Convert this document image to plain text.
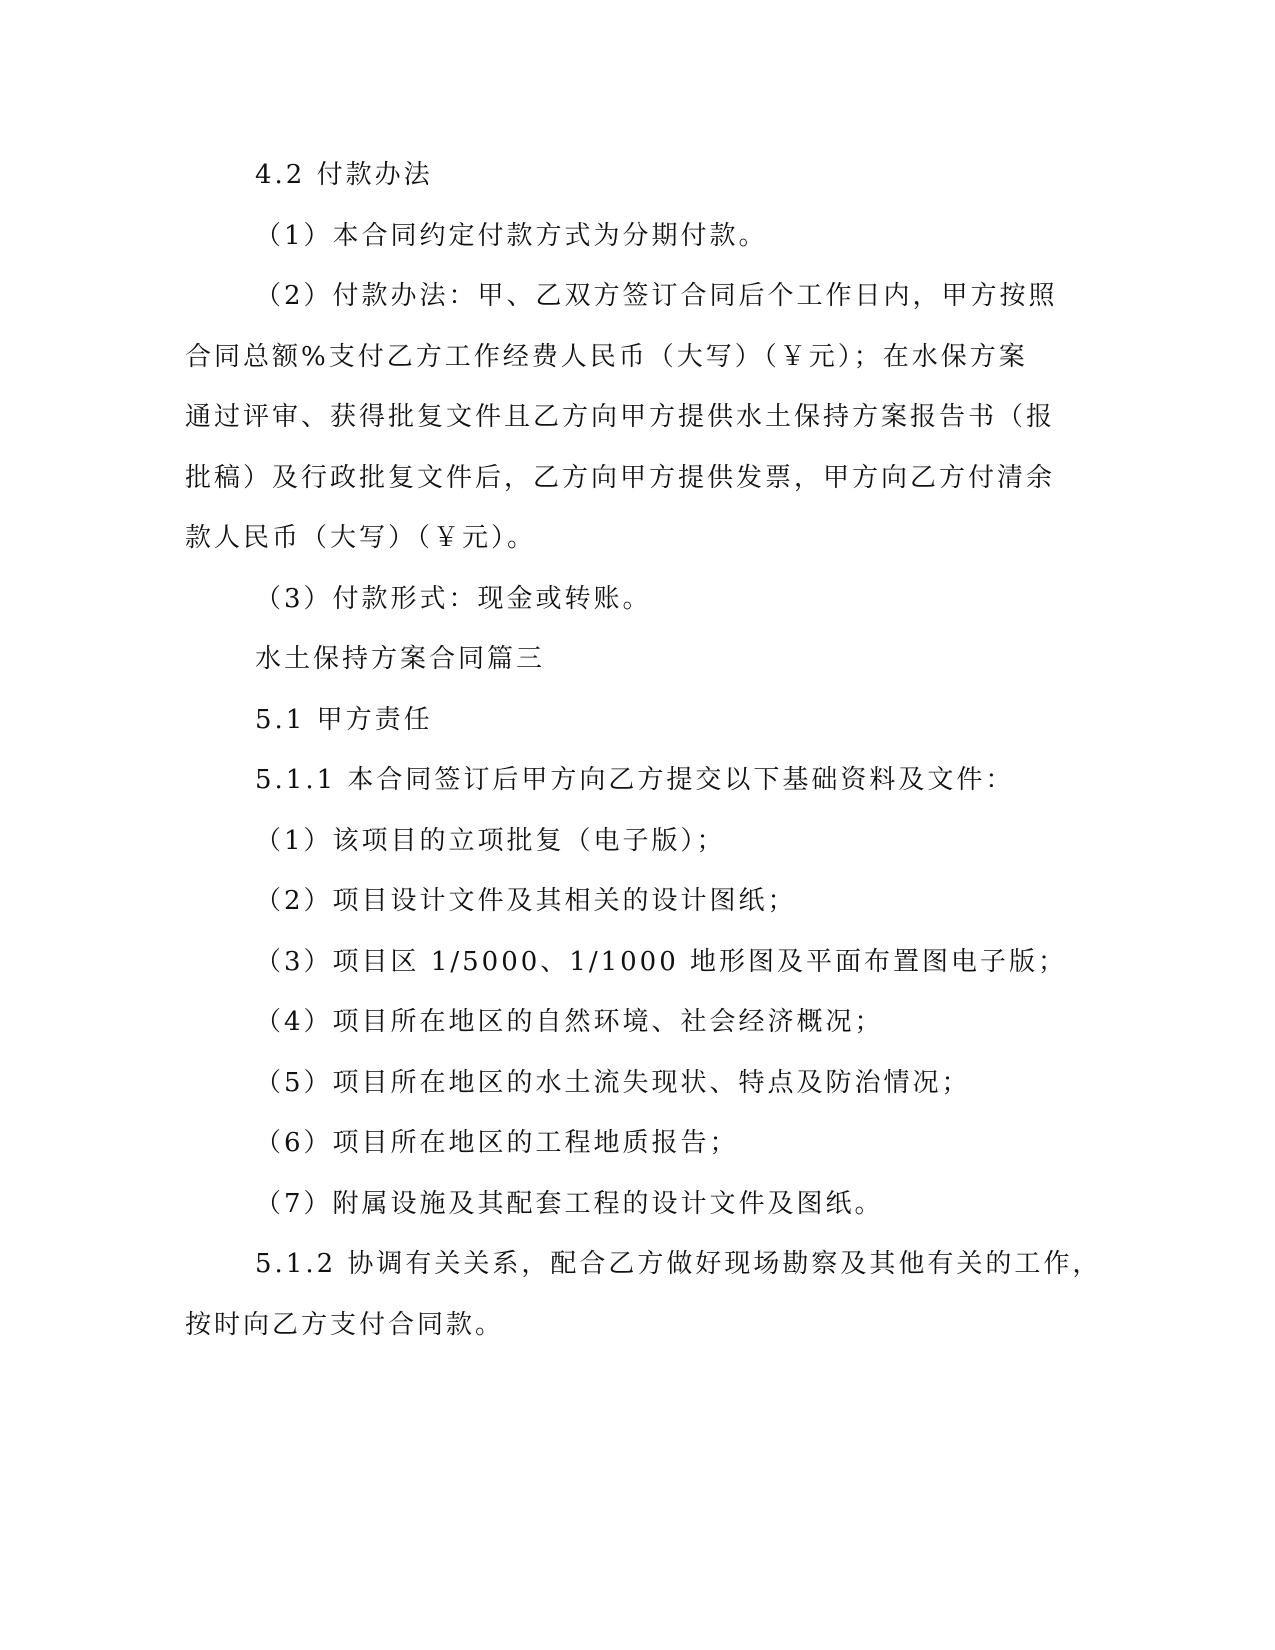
4.2 付款办法
（1）本合同约定付款方式为分期付款。
（2）付款办法：甲、乙双方签订合同后个工作日内，甲方按照
合同总额%支付乙方工作经费人民币（大写）（￥元）；在水保方案
通过评审、获得批复文件且乙方向甲方提供水土保持方案报告书（报
批稿）及行政批复文件后，乙方向甲方提供发票，甲方向乙方付清余
款人民币（大写）（￥元）。
（3）付款形式：现金或转账。
水土保持方案合同篇三
5.1 甲方责任
5.1.1 本合同签订后甲方向乙方提交以下基础资料及文件：
（1）该项目的立项批复（电子版）；
（2）项目设计文件及其相关的设计图纸；
（3）项目区 1/5000、1/1000 地形图及平面布置图电子版；
（4）项目所在地区的自然环境、社会经济概况；
（5）项目所在地区的水土流失现状、特点及防治情况；
（6）项目所在地区的工程地质报告；
（7）附属设施及其配套工程的设计文件及图纸。
5.1.2 协调有关关系，配合乙方做好现场勘察及其他有关的工作，
按时向乙方支付合同款。
